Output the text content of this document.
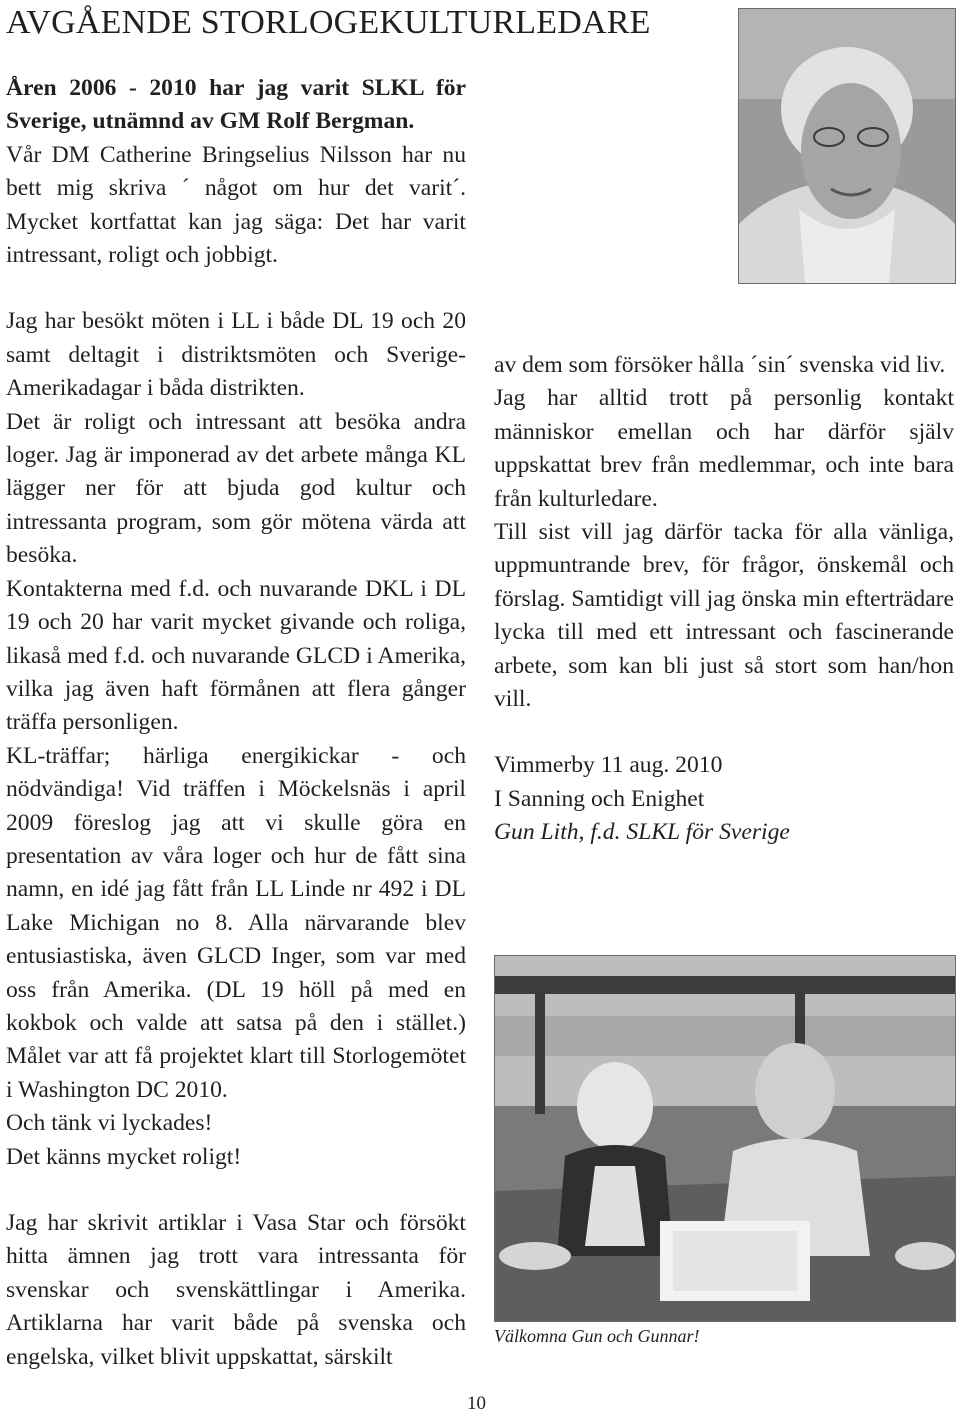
AVGÅENDE STORLOGEKULTURLEDARE

Åren 2006 - 2010 har jag varit SLKL för Sverige, utnämnd av GM Rolf Bergman.

Vår DM Catherine Bringselius Nilsson har nu bett mig skriva ´ något om hur det varit´. Mycket kortfattat kan jag säga: Det har varit intressant, roligt och jobbigt.

Jag har besökt möten i LL i både DL 19 och 20 samt deltagit i distriktsmöten och Sverige-Amerikadagar i båda distrikten.

Det är roligt och intressant att besöka andra loger. Jag är imponerad av det arbete många KL lägger ner för att bjuda god kultur och intressanta program, som gör mötena värda att besöka.

Kontakterna med f.d. och nuvarande DKL i DL 19 och 20 har varit mycket givande och roliga, likaså med f.d. och nuvarande GLCD i Amerika, vilka jag även haft förmånen att flera gånger träffa personligen.

KL-träffar; härliga energikickar - och nödvändiga! Vid träffen i Möckelsnäs i april 2009 föreslog jag att vi skulle göra en presentation av våra loger och hur de fått sina namn, en idé jag fått från LL Linde nr 492 i DL Lake Michigan no 8. Alla närvarande blev entusiastiska, även GLCD Inger, som var med oss från Amerika. (DL 19 höll på med en kokbok och valde att satsa på den i stället.) Målet var att få projektet klart till Storlogemötet i Washington DC 2010.

Och tänk vi lyckades!

Det känns mycket roligt!

Jag har skrivit artiklar i Vasa Star och försökt hitta ämnen jag trott vara intressanta för svenskar och svenskättlingar i Amerika. Artiklarna har varit både på svenska och engelska, vilket blivit uppskattat, särskilt

av dem som försöker hålla ´sin´ svenska vid liv.

Jag har alltid trott på personlig kontakt människor emellan och har därför själv uppskattat brev från medlemmar, och inte bara från kulturledare.

Till sist vill jag därför tacka för alla vänliga, uppmuntrande brev, för frågor, önskemål och förslag. Samtidigt vill jag önska min efterträdare lycka till med ett intressant och fascinerande arbete, som kan bli just så stort som han/hon vill.

Vimmerby 11 aug. 2010

I Sanning och Enighet

Gun Lith, f.d. SLKL för Sverige

Välkomna Gun och Gunnar!
10
